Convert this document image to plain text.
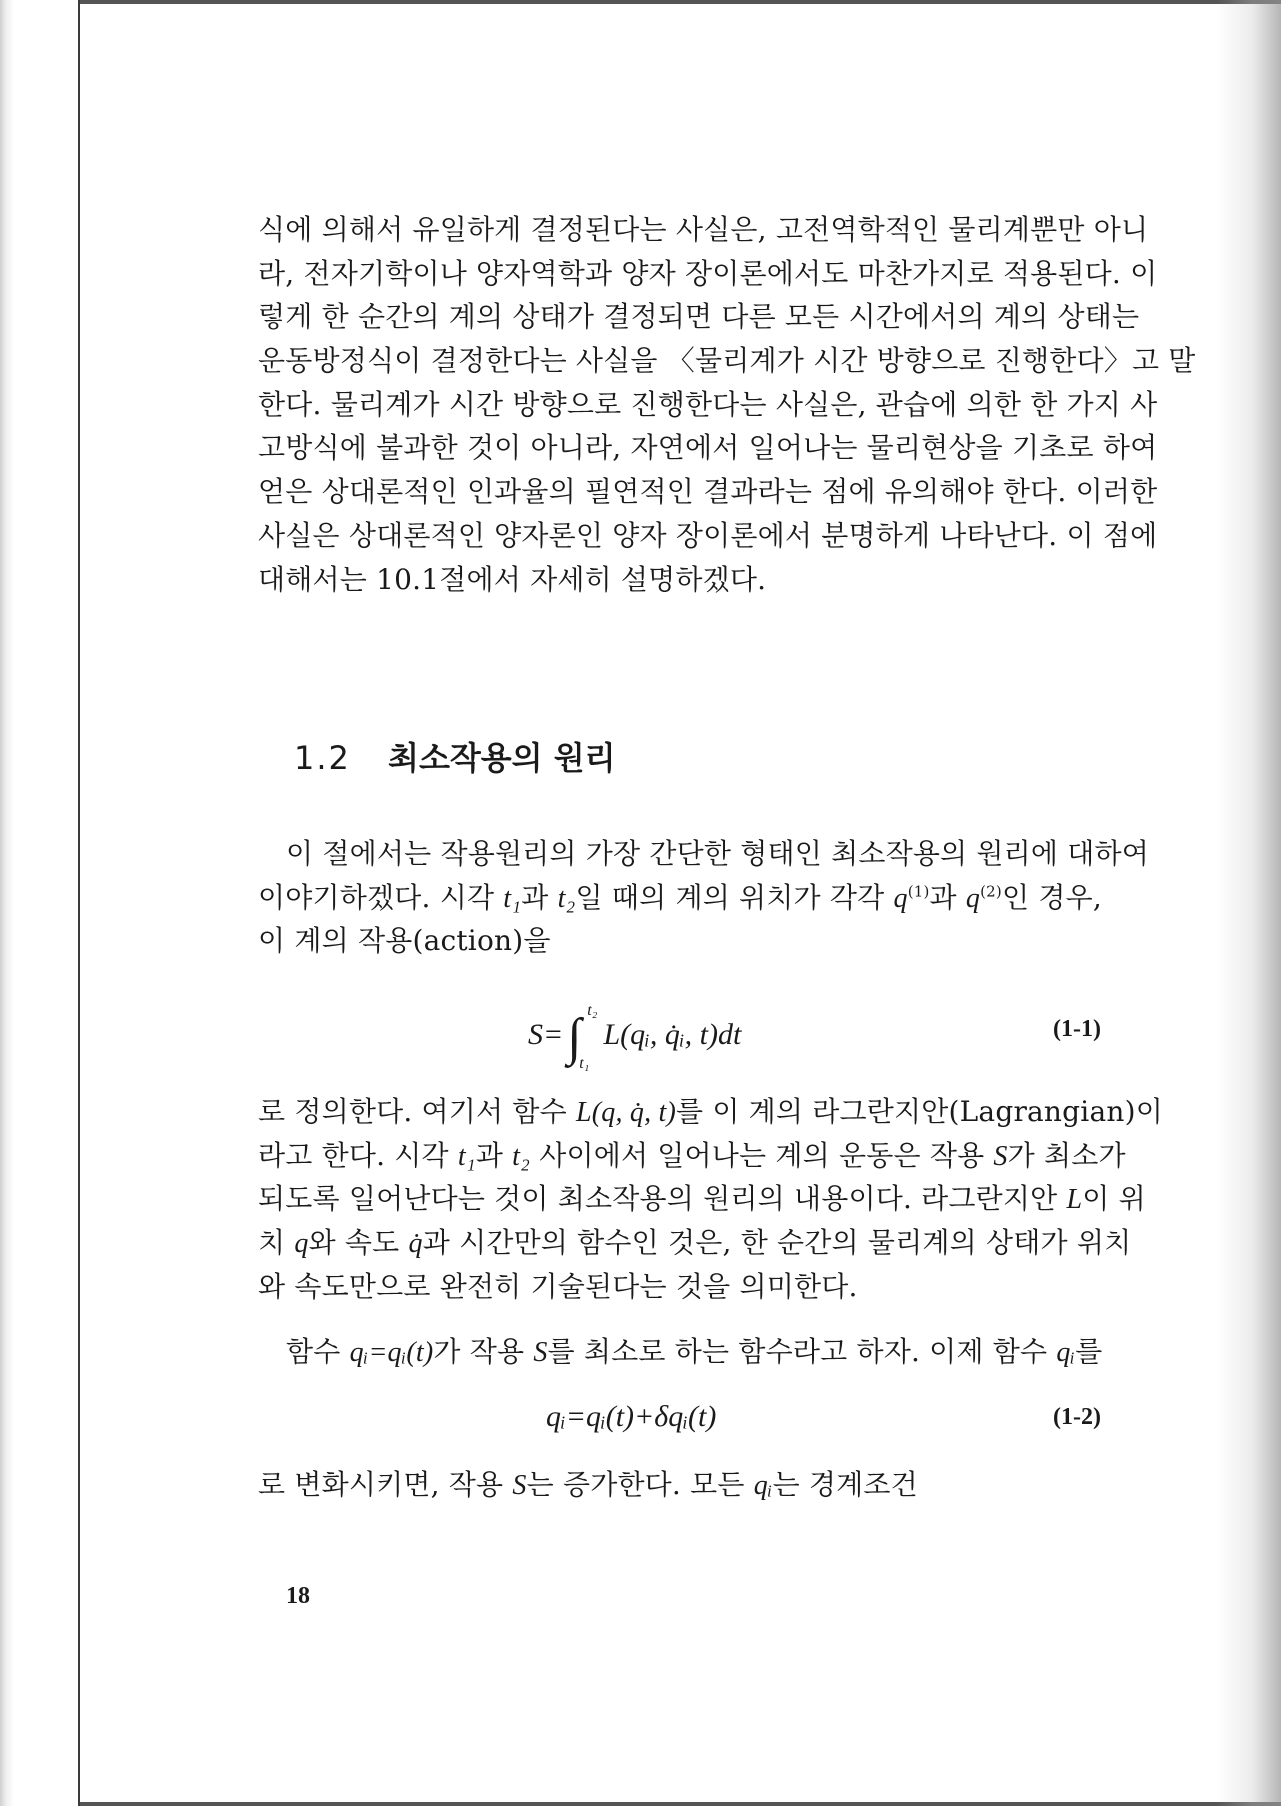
식에 의해서 유일하게 결정된다는 사실은, 고전역학적인 물리계뿐만 아니
라, 전자기학이나 양자역학과 양자 장이론에서도 마찬가지로 적용된다. 이
렇게 한 순간의 계의 상태가 결정되면 다른 모든 시간에서의 계의 상태는
운동방정식이 결정한다는 사실을 〈물리계가 시간 방향으로 진행한다〉고 말
한다. 물리계가 시간 방향으로 진행한다는 사실은, 관습에 의한 한 가지 사
고방식에 불과한 것이 아니라, 자연에서 일어나는 물리현상을 기초로 하여
얻은 상대론적인 인과율의 필연적인 결과라는 점에 유의해야 한다. 이러한
사실은 상대론적인 양자론인 양자 장이론에서 분명하게 나타난다. 이 점에
대해서는 10.1절에서 자세히 설명하겠다.
1.2 최소작용의 원리
이 절에서는 작용원리의 가장 간단한 형태인 최소작용의 원리에 대하여
이야기하겠다. 시각 t₁과 t₂일 때의 계의 위치가 각각 $q^{(1)}$과 $q^{(2)}$인 경우,
이 계의 작용(action)을
S=∫ t₂
t₁
L(qᵢ, q̇ᵢ, t)dt	(1-1)
로 정의한다. 여기서 함수 L(q, q̇, t)를 이 계의 라그란지안(Lagrangian)이
라고 한다. 시각 t₁과 t₂ 사이에서 일어나는 계의 운동은 작용 S가 최소가
되도록 일어난다는 것이 최소작용의 원리의 내용이다. 라그란지안 L이 위
치 q와 속도 q̇과 시간만의 함수인 것은, 한 순간의 물리계의 상태가 위치
와 속도만으로 완전히 기술된다는 것을 의미한다.
함수 qᵢ=qᵢ(t)가 작용 S를 최소로 하는 함수라고 하자. 이제 함수 qᵢ를
qᵢ=qᵢ(t)+δqᵢ(t)	(1-2)
로 변화시키면, 작용 S는 증가한다. 모든 qᵢ는 경계조건
18
